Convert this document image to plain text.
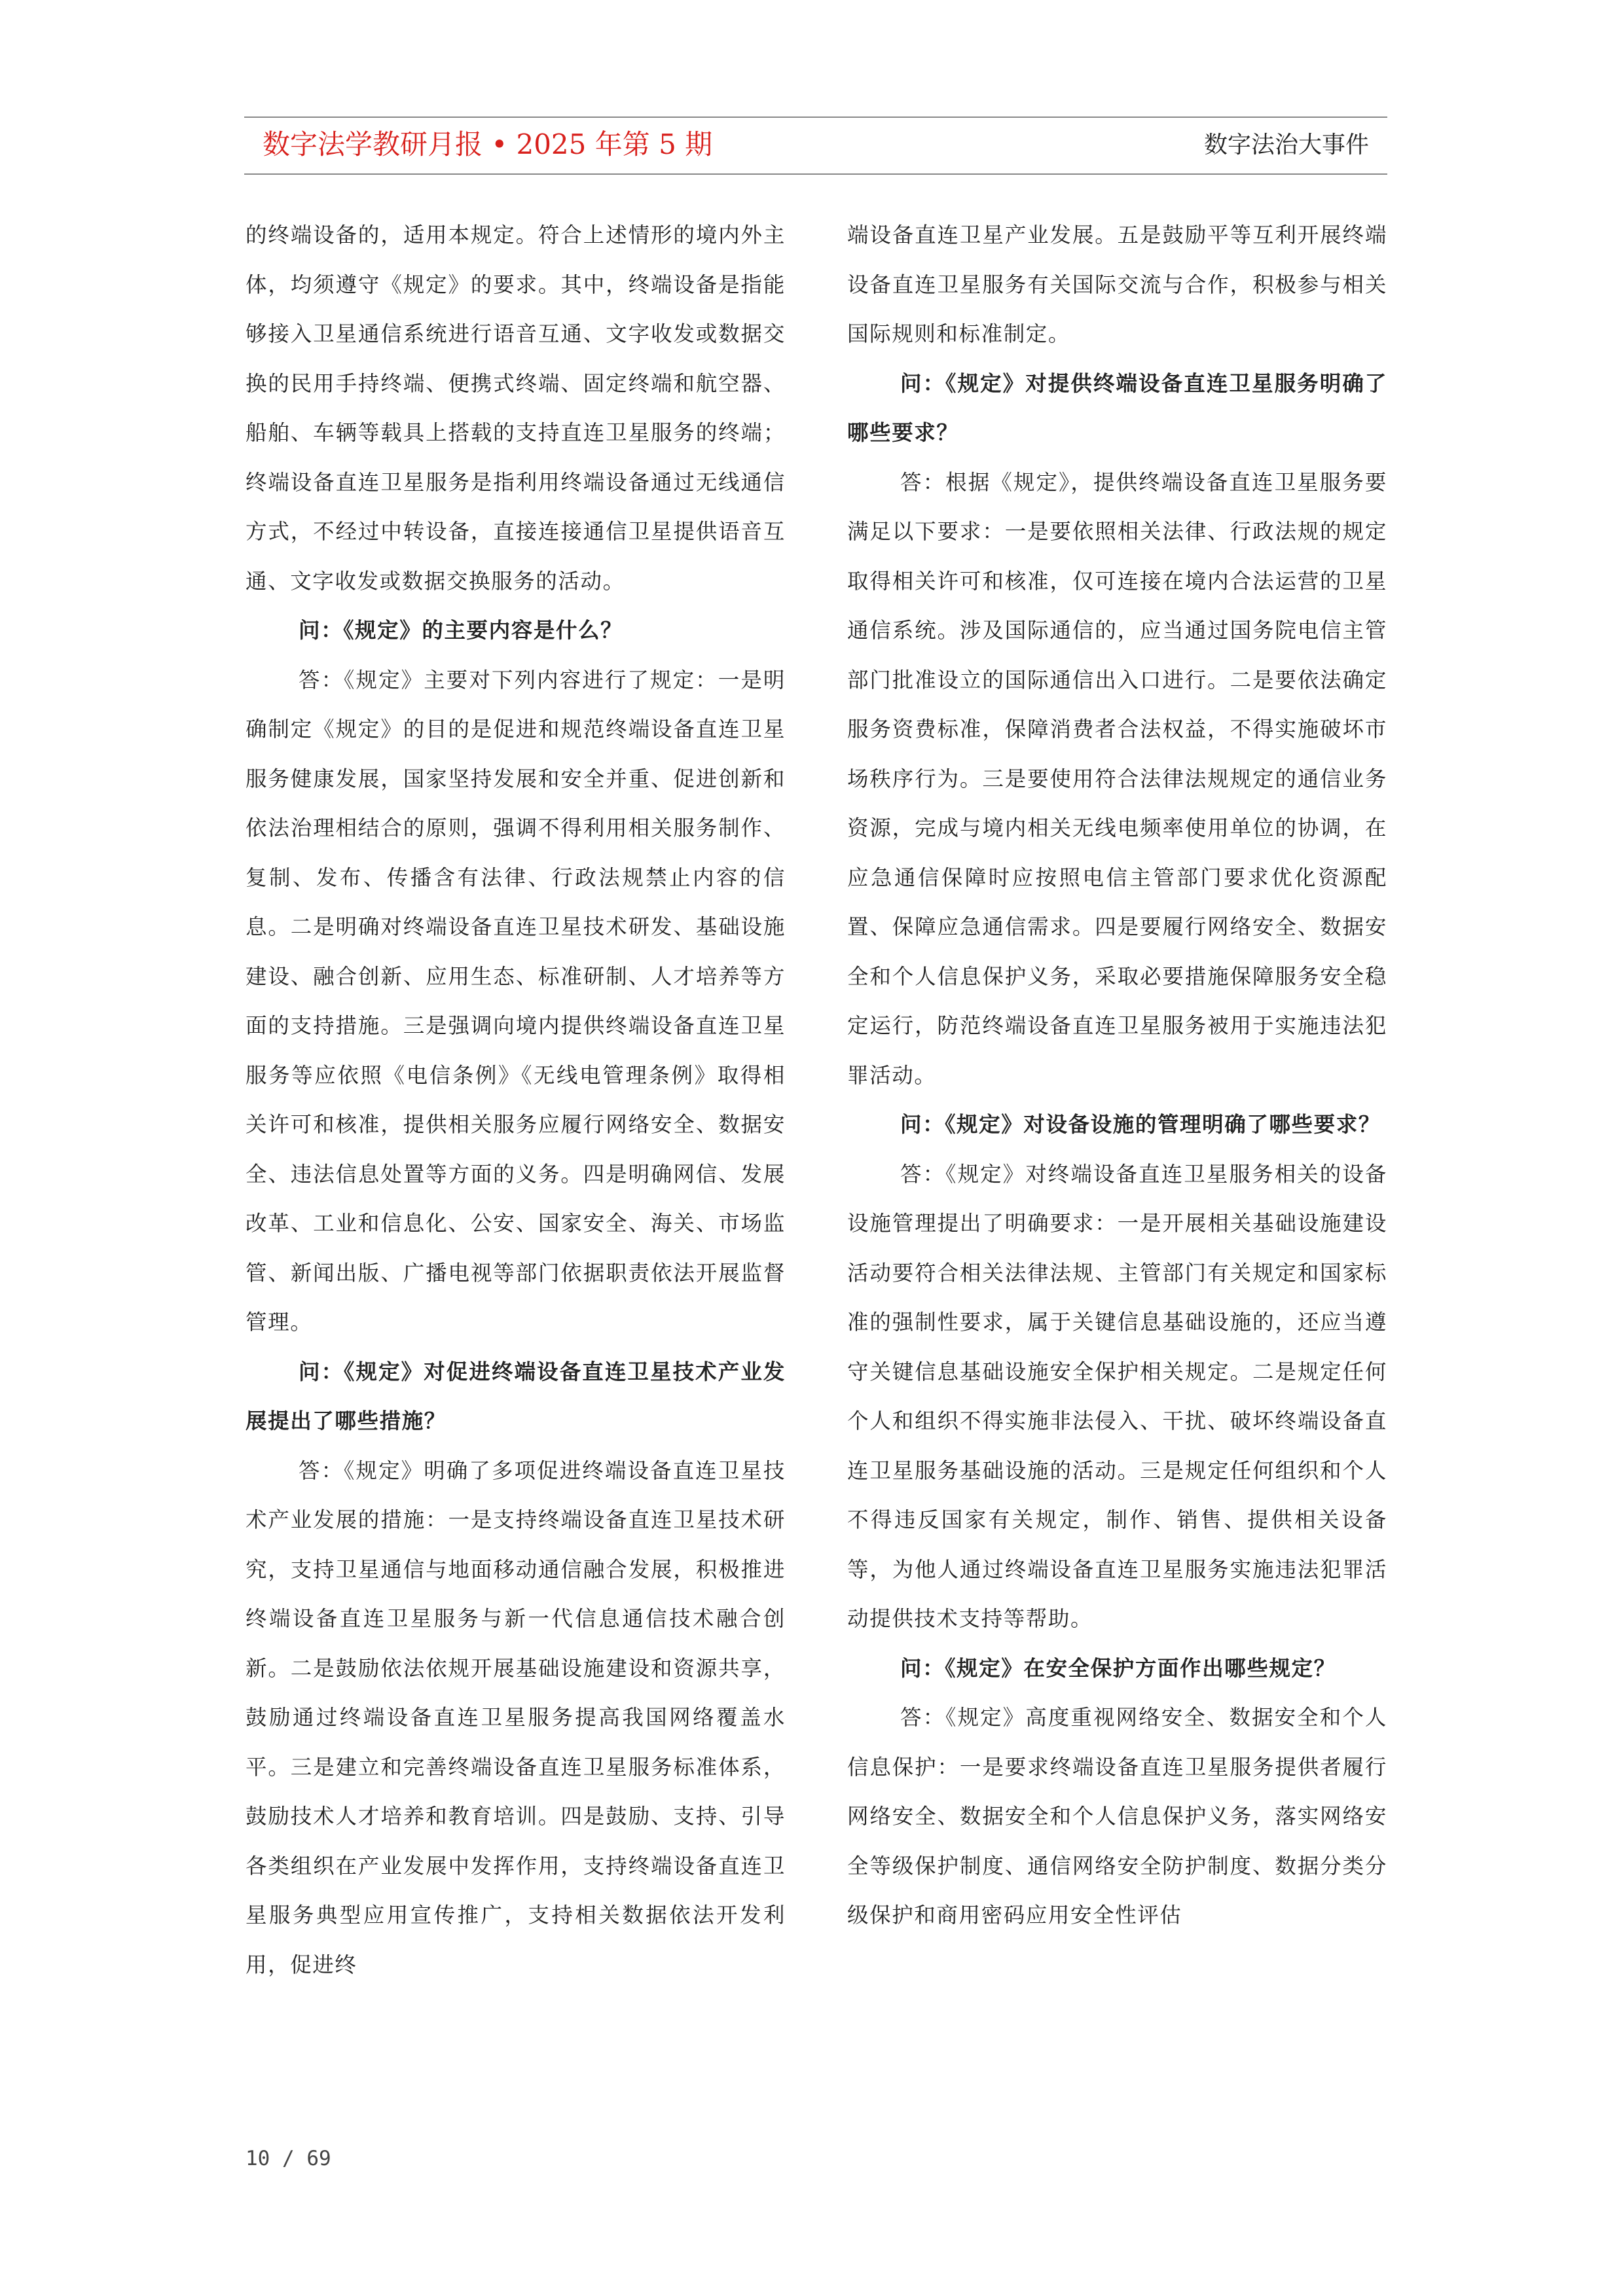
数字法学教研月报 • 2025 年第 5 期	数字法治大事件

的终端设备的，适用本规定。符合上述情形的境内外主体，均须遵守《规定》的要求。其中，终端设备是指能够接入卫星通信系统进行语音互通、文字收发或数据交换的民用手持终端、便携式终端、固定终端和航空器、船舶、车辆等载具上搭载的支持直连卫星服务的终端；终端设备直连卫星服务是指利用终端设备通过无线通信方式，不经过中转设备，直接连接通信卫星提供语音互通、文字收发或数据交换服务的活动。

问：《规定》的主要内容是什么？

答：《规定》主要对下列内容进行了规定：一是明确制定《规定》的目的是促进和规范终端设备直连卫星服务健康发展，国家坚持发展和安全并重、促进创新和依法治理相结合的原则，强调不得利用相关服务制作、复制、发布、传播含有法律、行政法规禁止内容的信息。二是明确对终端设备直连卫星技术研发、基础设施建设、融合创新、应用生态、标准研制、人才培养等方面的支持措施。三是强调向境内提供终端设备直连卫星服务等应依照《电信条例》《无线电管理条例》取得相关许可和核准，提供相关服务应履行网络安全、数据安全、违法信息处置等方面的义务。四是明确网信、发展改革、工业和信息化、公安、国家安全、海关、市场监管、新闻出版、广播电视等部门依据职责依法开展监督管理。

问：《规定》对促进终端设备直连卫星技术产业发展提出了哪些措施？

答：《规定》明确了多项促进终端设备直连卫星技术产业发展的措施：一是支持终端设备直连卫星技术研究，支持卫星通信与地面移动通信融合发展，积极推进终端设备直连卫星服务与新一代信息通信技术融合创新。二是鼓励依法依规开展基础设施建设和资源共享，鼓励通过终端设备直连卫星服务提高我国网络覆盖水平。三是建立和完善终端设备直连卫星服务标准体系，鼓励技术人才培养和教育培训。四是鼓励、支持、引导各类组织在产业发展中发挥作用，支持终端设备直连卫星服务典型应用宣传推广，支持相关数据依法开发利用，促进终

端设备直连卫星产业发展。五是鼓励平等互利开展终端设备直连卫星服务有关国际交流与合作，积极参与相关国际规则和标准制定。

问：《规定》对提供终端设备直连卫星服务明确了哪些要求？

答：根据《规定》，提供终端设备直连卫星服务要满足以下要求：一是要依照相关法律、行政法规的规定取得相关许可和核准，仅可连接在境内合法运营的卫星通信系统。涉及国际通信的，应当通过国务院电信主管部门批准设立的国际通信出入口进行。二是要依法确定服务资费标准，保障消费者合法权益，不得实施破坏市场秩序行为。三是要使用符合法律法规规定的通信业务资源，完成与境内相关无线电频率使用单位的协调，在应急通信保障时应按照电信主管部门要求优化资源配置、保障应急通信需求。四是要履行网络安全、数据安全和个人信息保护义务，采取必要措施保障服务安全稳定运行，防范终端设备直连卫星服务被用于实施违法犯罪活动。

问：《规定》对设备设施的管理明确了哪些要求？

答：《规定》对终端设备直连卫星服务相关的设备设施管理提出了明确要求：一是开展相关基础设施建设活动要符合相关法律法规、主管部门有关规定和国家标准的强制性要求，属于关键信息基础设施的，还应当遵守关键信息基础设施安全保护相关规定。二是规定任何个人和组织不得实施非法侵入、干扰、破坏终端设备直连卫星服务基础设施的活动。三是规定任何组织和个人不得违反国家有关规定，制作、销售、提供相关设备等，为他人通过终端设备直连卫星服务实施违法犯罪活动提供技术支持等帮助。

问：《规定》在安全保护方面作出哪些规定？

答：《规定》高度重视网络安全、数据安全和个人信息保护：一是要求终端设备直连卫星服务提供者履行网络安全、数据安全和个人信息保护义务，落实网络安全等级保护制度、通信网络安全防护制度、数据分类分级保护和商用密码应用安全性评估

10 / 69
